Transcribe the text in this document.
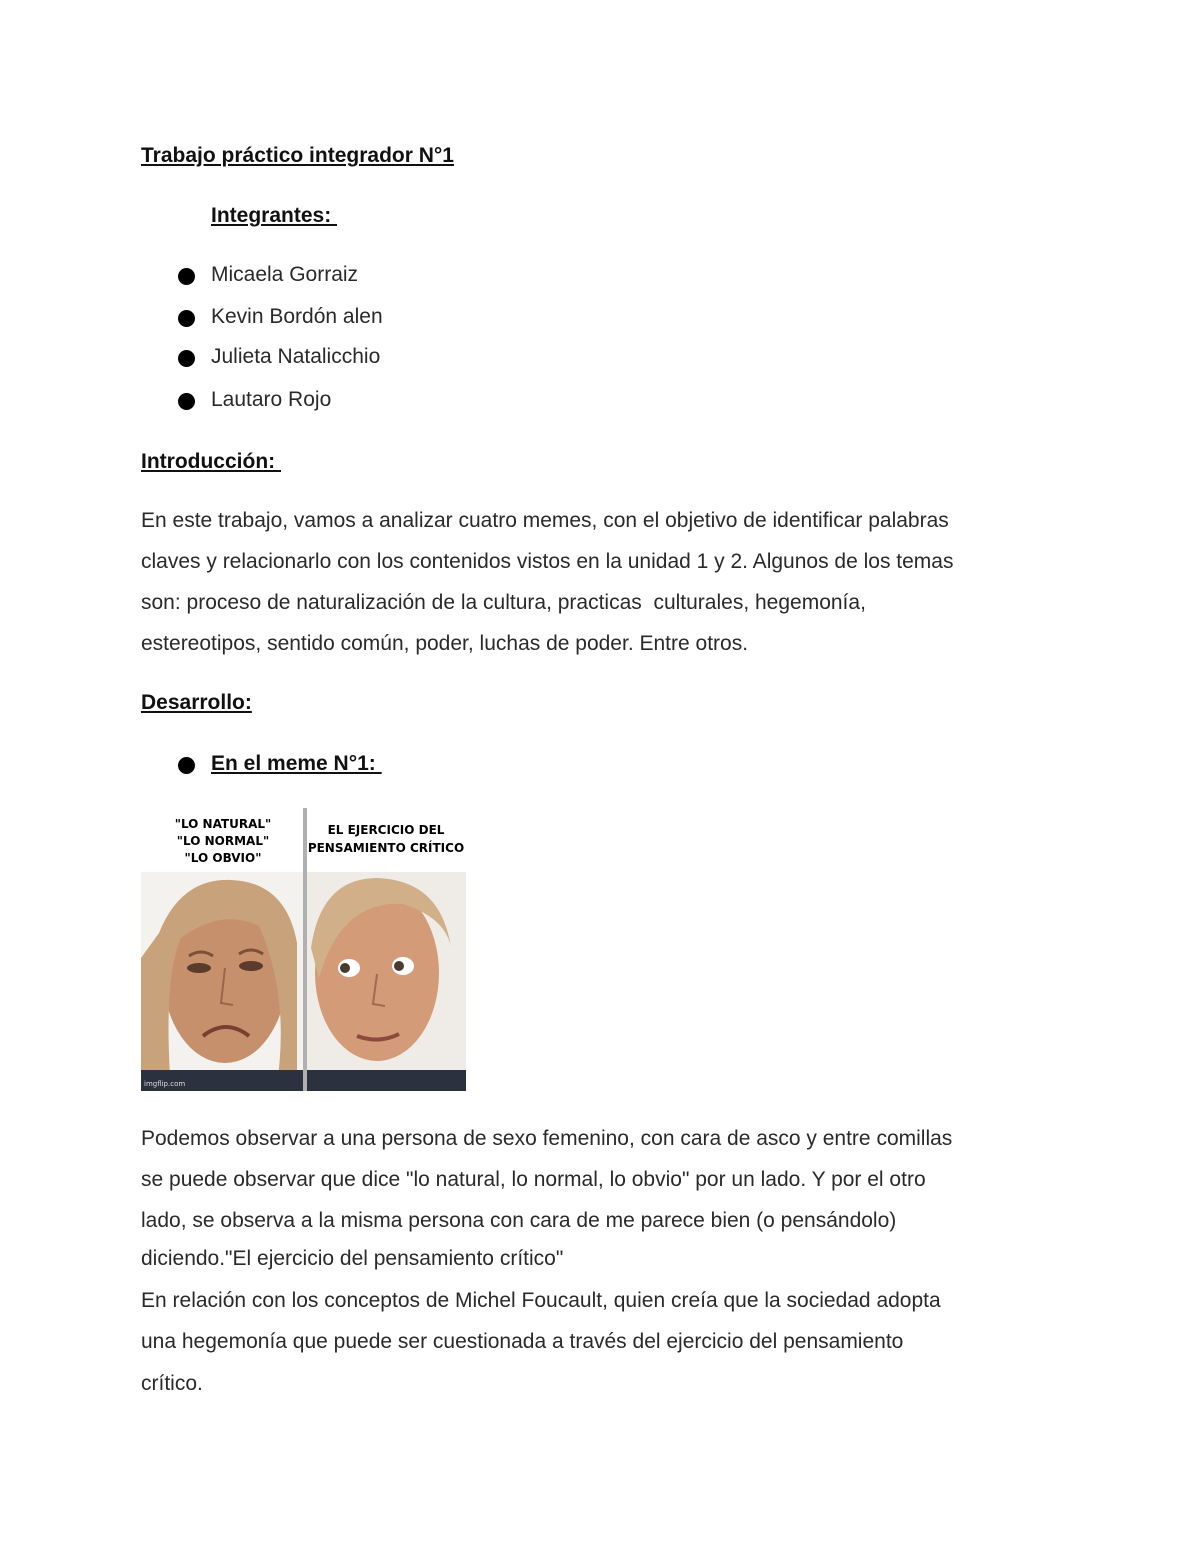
Trabajo práctico integrador N°1
Integrantes:
Micaela Gorraiz
Kevin Bordón alen
Julieta Natalicchio
Lautaro Rojo
Introducción:
En este trabajo, vamos a analizar cuatro memes, con el objetivo de identificar palabras
claves y relacionarlo con los contenidos vistos en la unidad 1 y 2. Algunos de los temas
son: proceso de naturalización de la cultura, practicas  culturales, hegemonía,
estereotipos, sentido común, poder, luchas de poder. Entre otros.
Desarrollo:
En el meme N°1:
"LO NATURAL"
"LO NORMAL"
"LO OBVIO"
EL EJERCICIO DEL
PENSAMIENTO CRÍTICO
imgflip.com
Podemos observar a una persona de sexo femenino, con cara de asco y entre comillas
se puede observar que dice "lo natural, lo normal, lo obvio" por un lado. Y por el otro
lado, se observa a la misma persona con cara de me parece bien (o pensándolo)
diciendo."El ejercicio del pensamiento crítico"
En relación con los conceptos de Michel Foucault, quien creía que la sociedad adopta
una hegemonía que puede ser cuestionada a través del ejercicio del pensamiento
crítico.
